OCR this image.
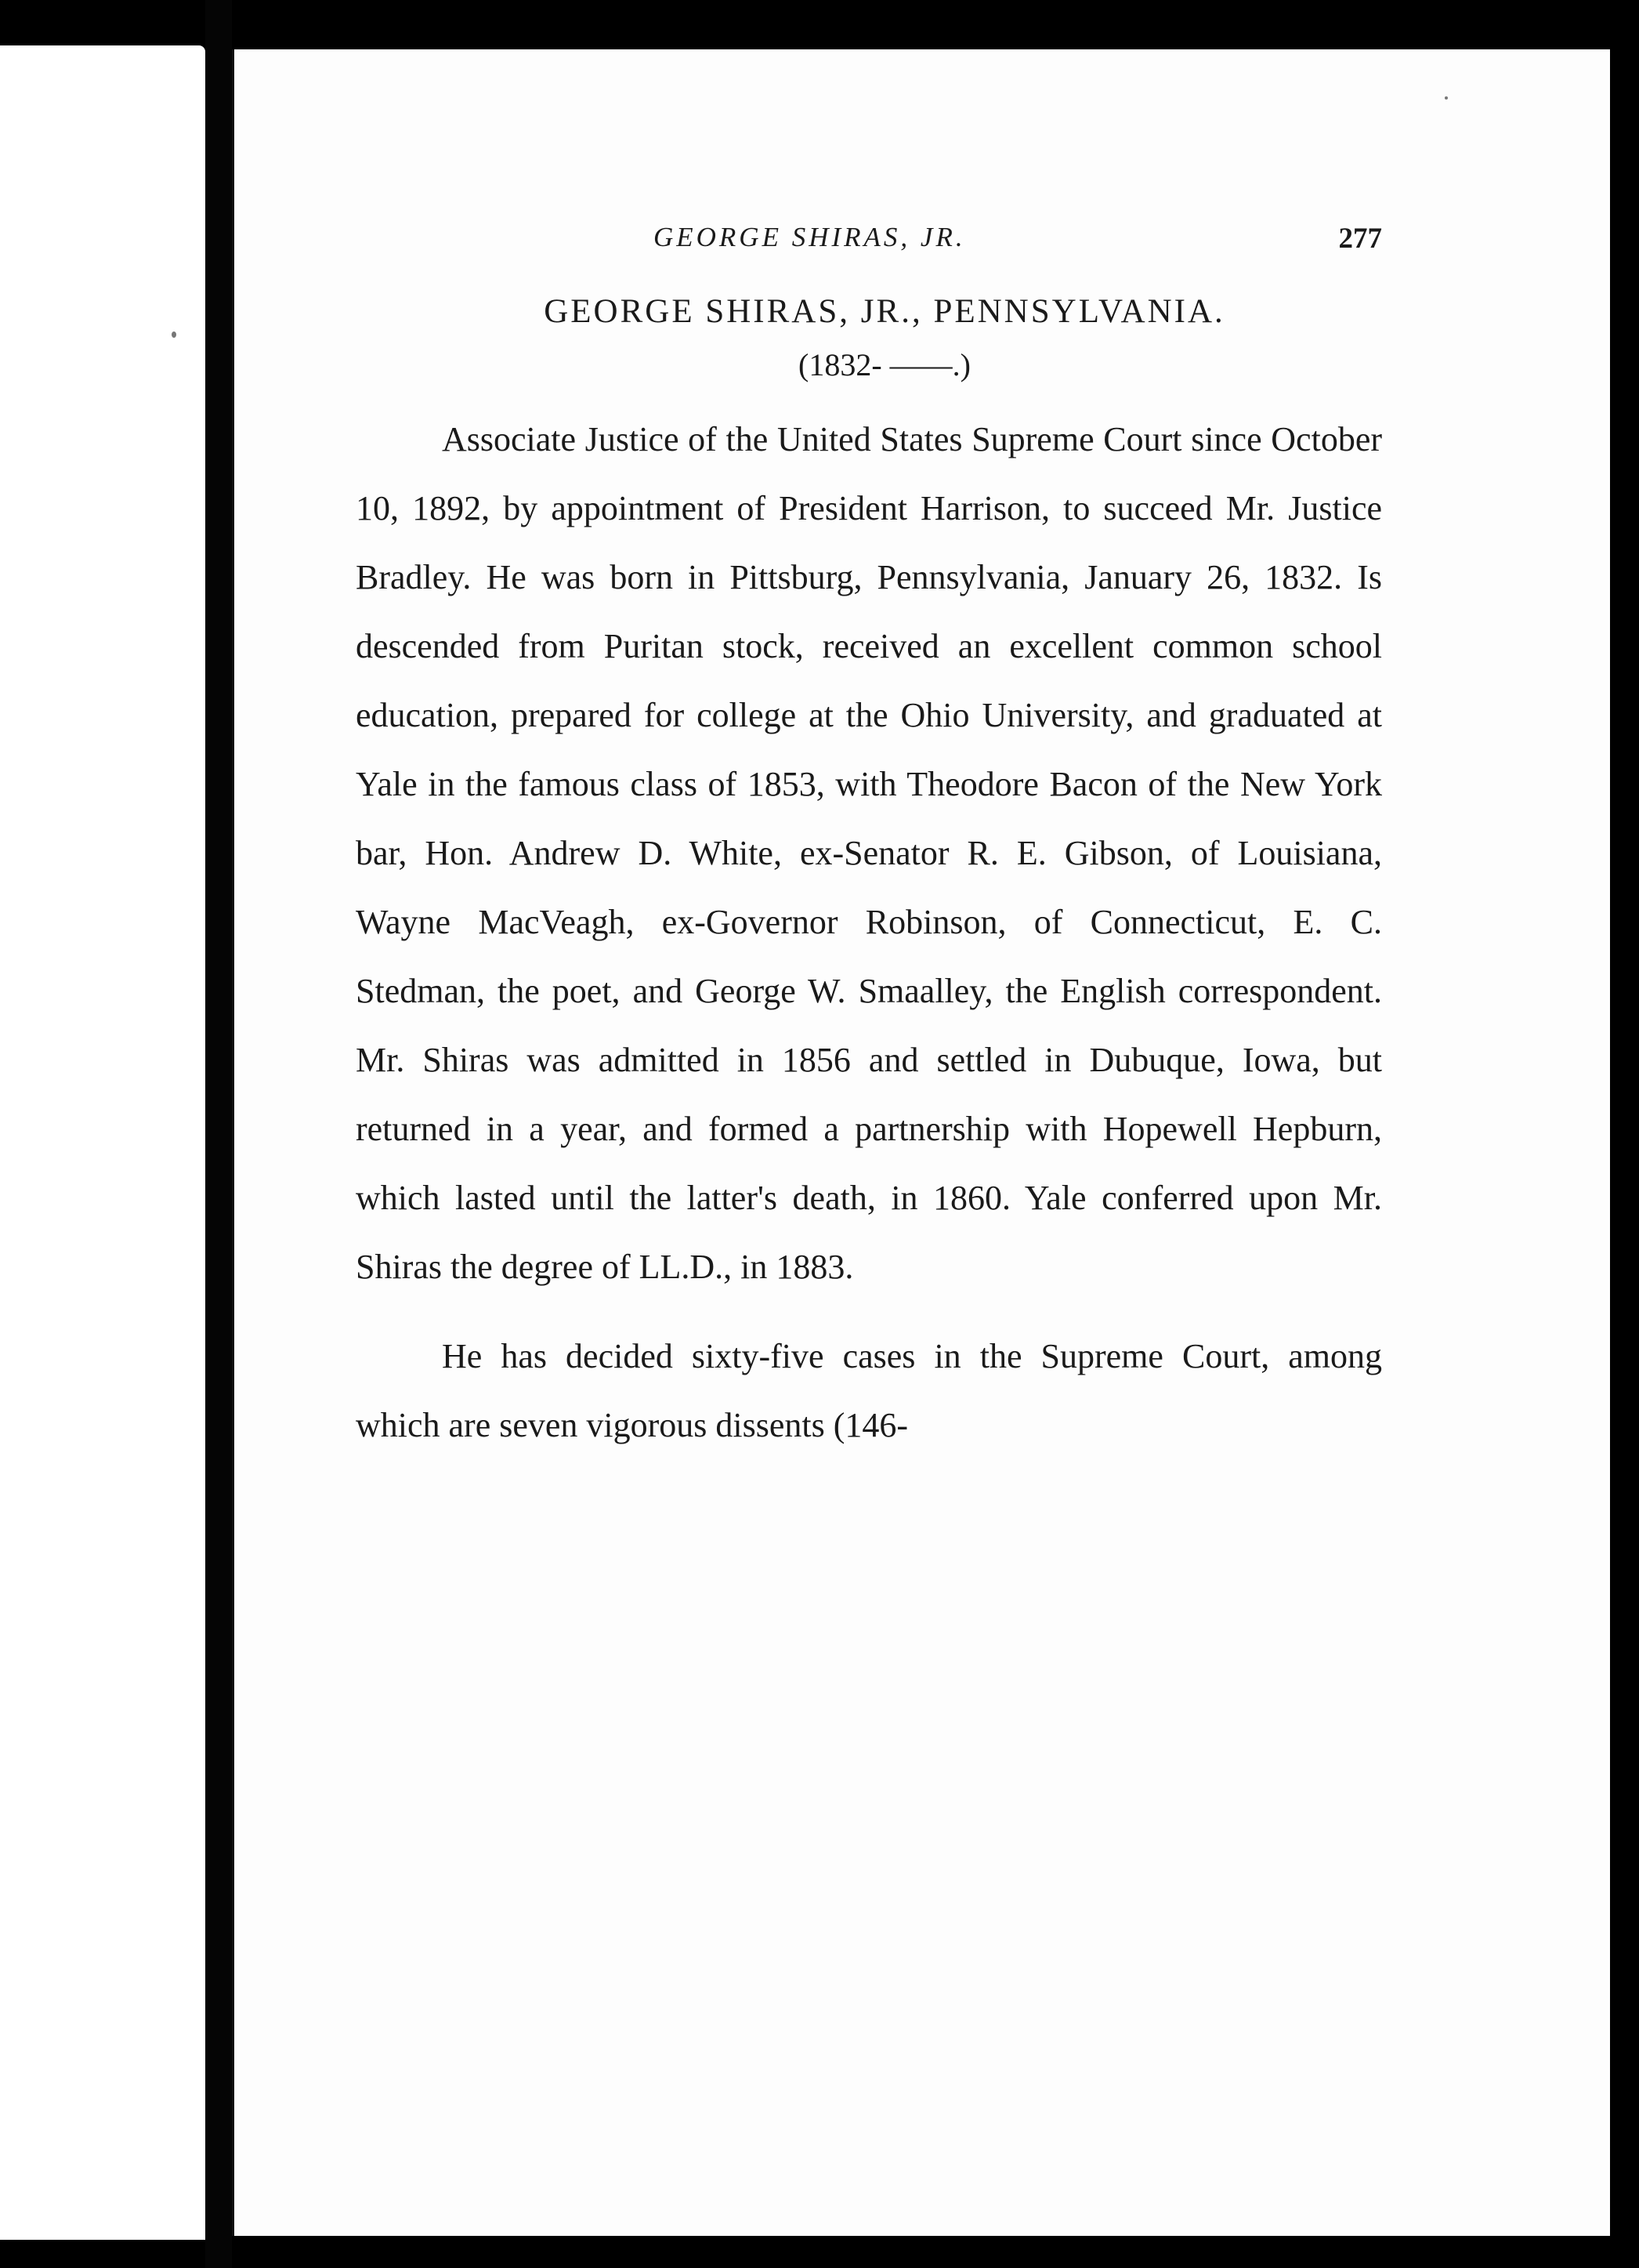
GEORGE SHIRAS, JR.	277
GEORGE SHIRAS, JR., PENNSYLVANIA.
(1832- ——.)

Associate Justice of the United States Supreme Court since October 10, 1892, by appointment of President Harrison, to succeed Mr. Justice Bradley. He was born in Pittsburg, Pennsylvania, January 26, 1832. Is descended from Puritan stock, received an excellent common school education, prepared for college at the Ohio University, and graduated at Yale in the famous class of 1853, with Theodore Bacon of the New York bar, Hon. Andrew D. White, ex-Senator R. E. Gibson, of Louisiana, Wayne MacVeagh, ex-Governor Robinson, of Connecticut, E. C. Stedman, the poet, and George W. Smaalley, the English correspondent. Mr. Shiras was admitted in 1856 and settled in Dubuque, Iowa, but returned in a year, and formed a partnership with Hopewell Hepburn, which lasted until the latter's death, in 1860. Yale conferred upon Mr. Shiras the degree of LL.D., in 1883.

He has decided sixty-five cases in the Supreme Court, among which are seven vigorous dissents (146-
